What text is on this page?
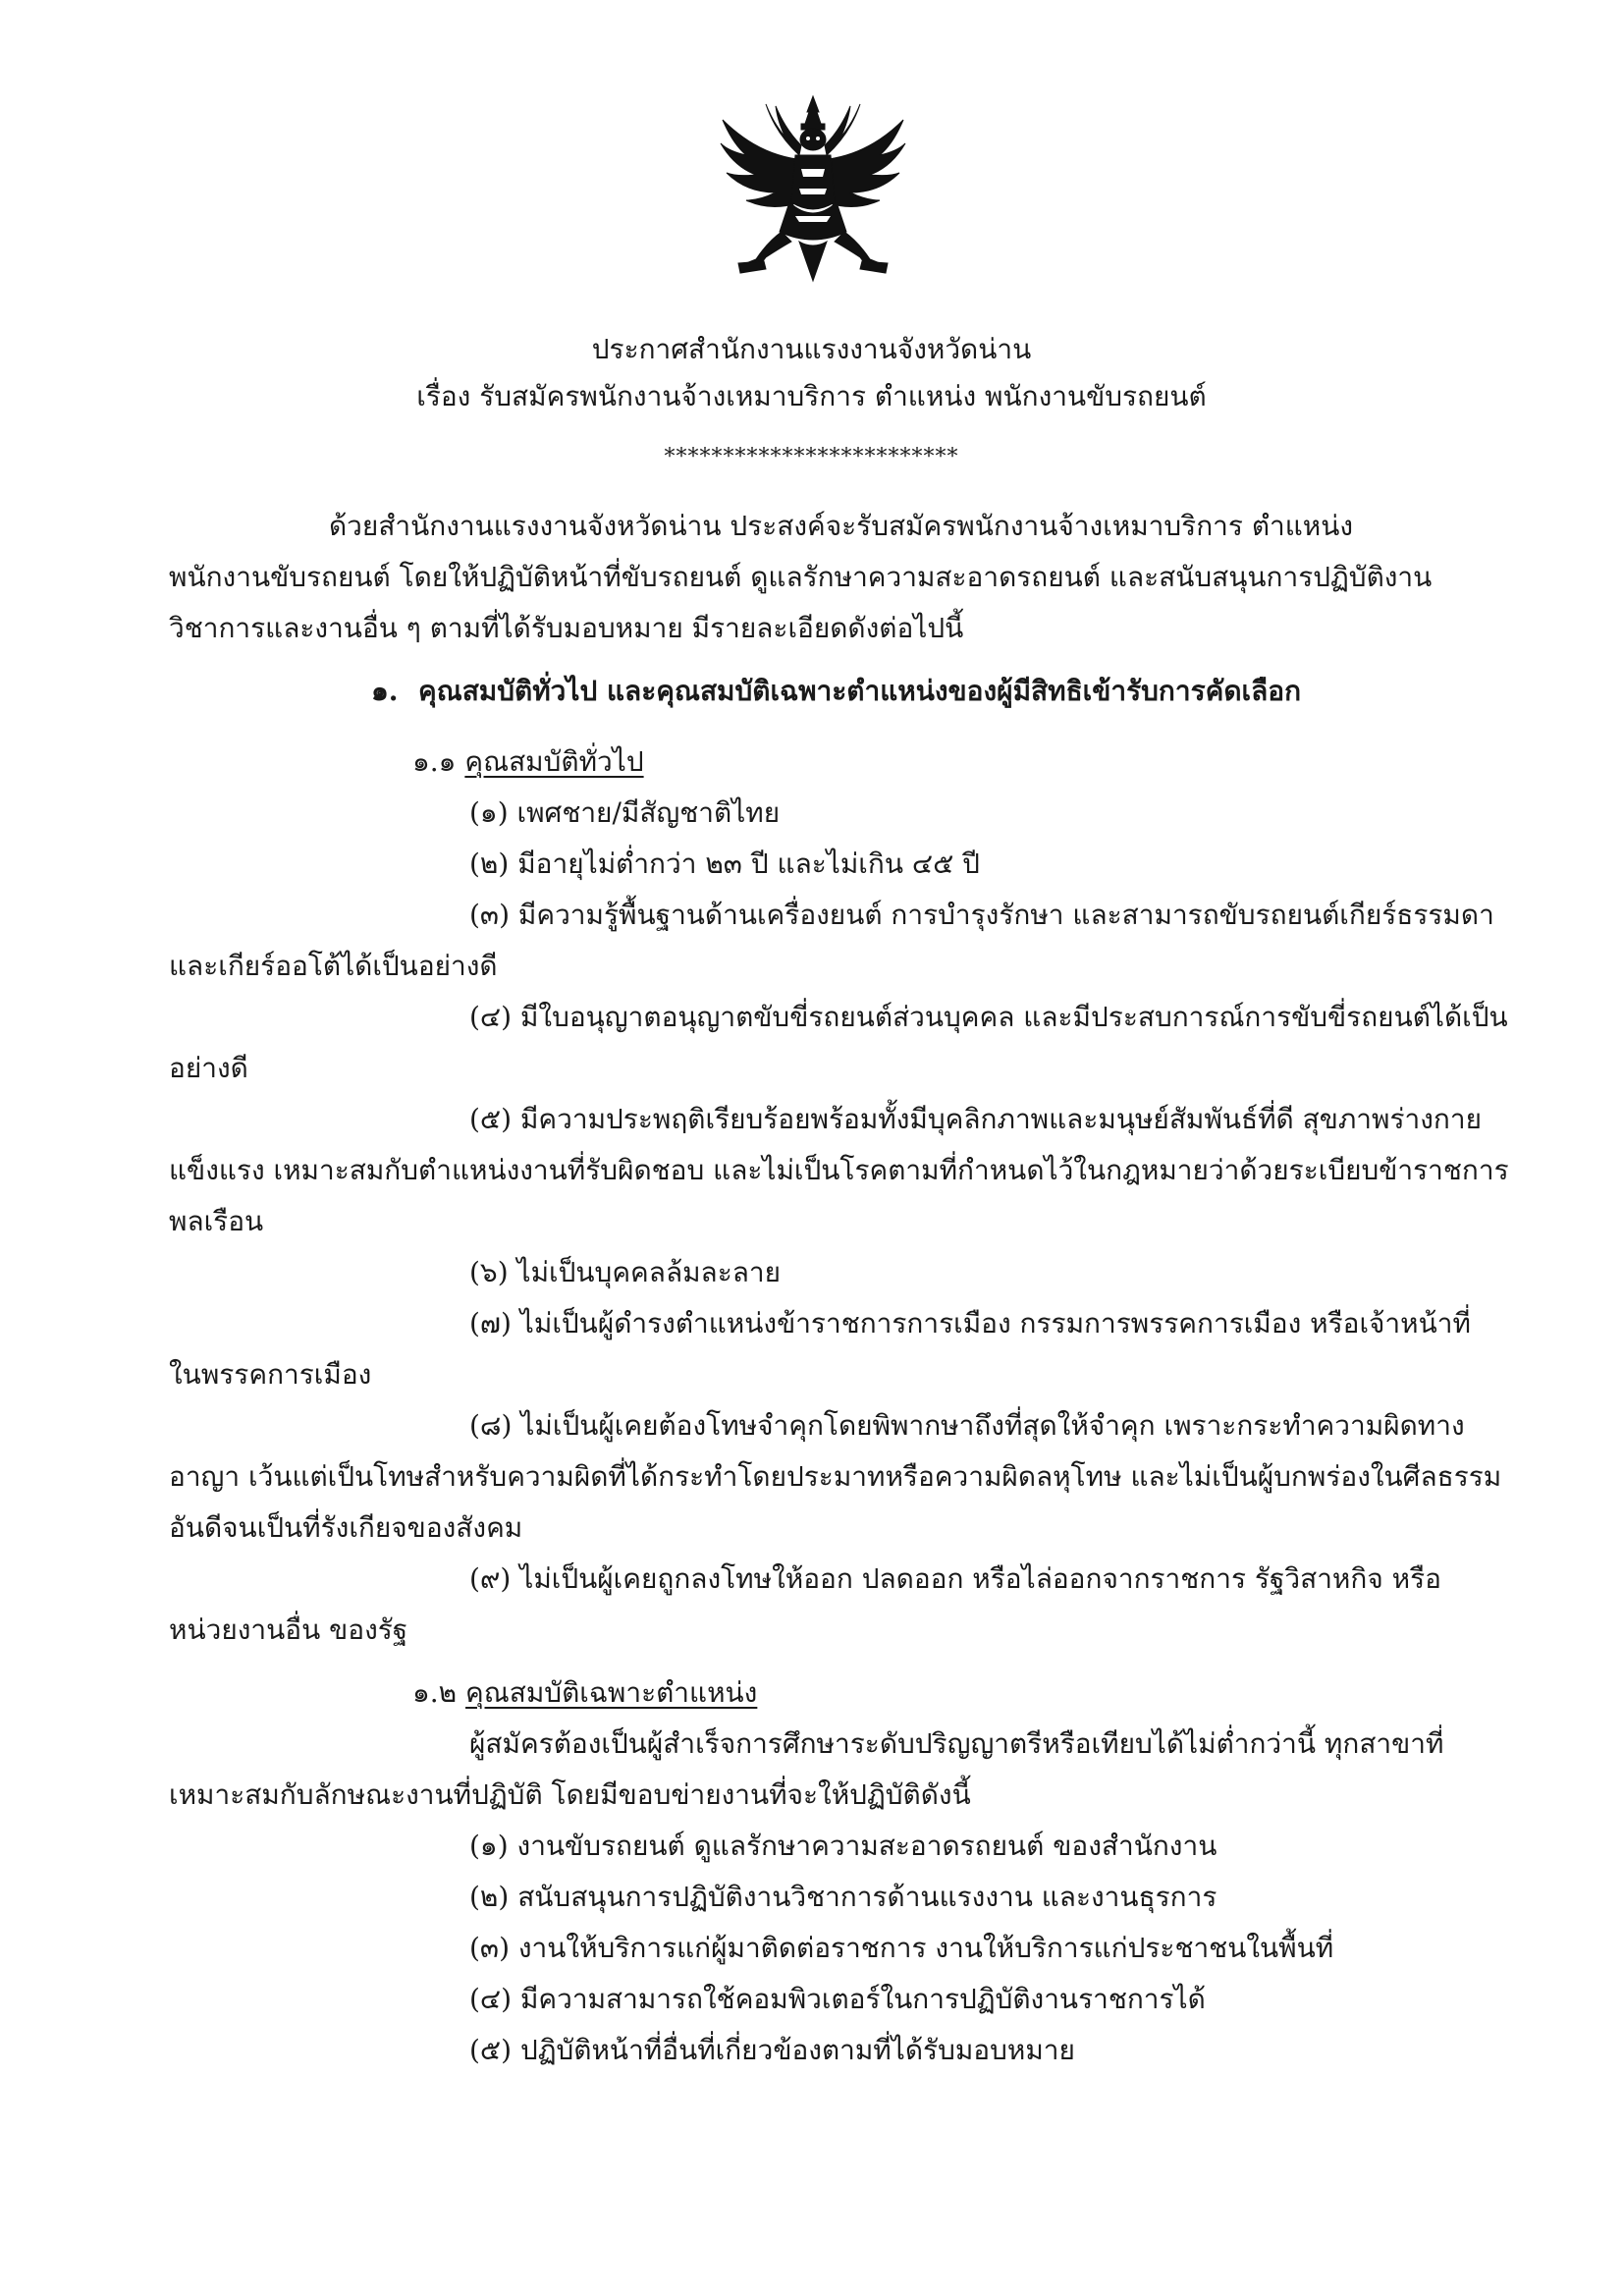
ประกาศสำนักงานแรงงานจังหวัดน่าน
เรื่อง รับสมัครพนักงานจ้างเหมาบริการ ตำแหน่ง พนักงานขับรถยนต์
*************************
ด้วยสำนักงานแรงงานจังหวัดน่าน ประสงค์จะรับสมัครพนักงานจ้างเหมาบริการ ตำแหน่ง
พนักงานขับรถยนต์ โดยให้ปฏิบัติหน้าที่ขับรถยนต์ ดูแลรักษาความสะอาดรถยนต์ และสนับสนุนการปฏิบัติงาน
วิชาการและงานอื่น ๆ ตามที่ได้รับมอบหมาย มีรายละเอียดดังต่อไปนี้
๑. คุณสมบัติทั่วไป และคุณสมบัติเฉพาะตำแหน่งของผู้มีสิทธิเข้ารับการคัดเลือก
๑.๑ คุณสมบัติทั่วไป
(๑) เพศชาย/มีสัญชาติไทย
(๒) มีอายุไม่ต่ำกว่า ๒๓ ปี และไม่เกิน ๔๕ ปี
(๓) มีความรู้พื้นฐานด้านเครื่องยนต์ การบำรุงรักษา และสามารถขับรถยนต์เกียร์ธรรมดา
และเกียร์ออโต้ได้เป็นอย่างดี
(๔) มีใบอนุญาตอนุญาตขับขี่รถยนต์ส่วนบุคคล และมีประสบการณ์การขับขี่รถยนต์ได้เป็น
อย่างดี
(๕) มีความประพฤติเรียบร้อยพร้อมทั้งมีบุคลิกภาพและมนุษย์สัมพันธ์ที่ดี สุขภาพร่างกาย
แข็งแรง เหมาะสมกับตำแหน่งงานที่รับผิดชอบ และไม่เป็นโรคตามที่กำหนดไว้ในกฎหมายว่าด้วยระเบียบข้าราชการ
พลเรือน
(๖) ไม่เป็นบุคคลล้มละลาย
(๗) ไม่เป็นผู้ดำรงตำแหน่งข้าราชการการเมือง กรรมการพรรคการเมือง หรือเจ้าหน้าที่
ในพรรคการเมือง
(๘) ไม่เป็นผู้เคยต้องโทษจำคุกโดยพิพากษาถึงที่สุดให้จำคุก เพราะกระทำความผิดทาง
อาญา เว้นแต่เป็นโทษสำหรับความผิดที่ได้กระทำโดยประมาทหรือความผิดลหุโทษ และไม่เป็นผู้บกพร่องในศีลธรรม
อันดีจนเป็นที่รังเกียจของสังคม
(๙) ไม่เป็นผู้เคยถูกลงโทษให้ออก ปลดออก หรือไล่ออกจากราชการ รัฐวิสาหกิจ หรือ
หน่วยงานอื่น ของรัฐ
๑.๒ คุณสมบัติเฉพาะตำแหน่ง
ผู้สมัครต้องเป็นผู้สำเร็จการศึกษาระดับปริญญาตรีหรือเทียบได้ไม่ต่ำกว่านี้ ทุกสาขาที่
เหมาะสมกับลักษณะงานที่ปฏิบัติ โดยมีขอบข่ายงานที่จะให้ปฏิบัติดังนี้
(๑) งานขับรถยนต์ ดูแลรักษาความสะอาดรถยนต์ ของสำนักงาน
(๒) สนับสนุนการปฏิบัติงานวิชาการด้านแรงงาน และงานธุรการ
(๓) งานให้บริการแก่ผู้มาติดต่อราชการ งานให้บริการแก่ประชาชนในพื้นที่
(๔) มีความสามารถใช้คอมพิวเตอร์ในการปฏิบัติงานราชการได้
(๕) ปฏิบัติหน้าที่อื่นที่เกี่ยวข้องตามที่ได้รับมอบหมาย
